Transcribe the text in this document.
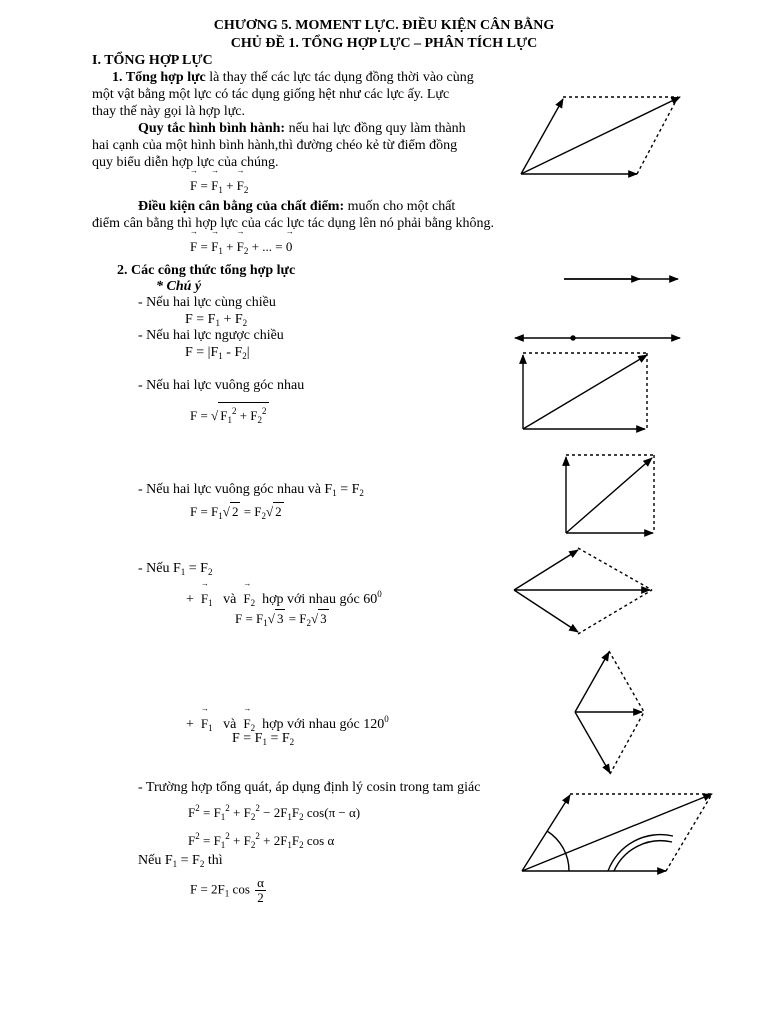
CHƯƠNG 5. MOMENT LỰC. ĐIỀU KIỆN CÂN BẰNG
CHỦ ĐỀ 1. TỔNG HỢP LỰC – PHÂN TÍCH LỰC
I. TỔNG HỢP LỰC
1. Tổng hợp lực là thay thế các lực tác dụng đồng thời vào cùng
một vật bằng một lực có tác dụng giống hệt như các lực ấy. Lực
thay thế này gọi là hợp lực.
Quy tắc hình bình hành: nếu hai lực đồng quy làm thành
hai cạnh của một hình bình hành,thì đường chéo kẻ từ điểm đồng
quy biểu diễn hợp lực của chúng.
→ F = → $F_1$ + → $F_2$
Điều kiện cân bằng của chất điểm: muốn cho một chất
điểm cân bằng thì hợp lực của các lực tác dụng lên nó phải bằng không.
→ F = → $F_1$ + → $F_2$ + ... = → 0
2. Các công thức tổng hợp lực
* Chú ý
- Nếu hai lực cùng chiều
$F = F_1 + F_2$
- Nếu hai lực ngược chiều
$F = |F_1 - F_2|$
- Nếu hai lực vuông góc nhau
F = √ $F_1^2 + F_2^2$
- Nếu hai lực vuông góc nhau và $F_1 = F_2$
$F = F_1√$ $2 = F_2√$ 2
- Nếu $F_1 = F_2$
+  → $F_1$ và → $F_2$ hợp với nhau góc $60^0$
$F = F_1√$ $3 = F_2√$ 3
+  → $F_1$ và → $F_2$ hợp với nhau góc $120^0$
$F = F_1 = F_2$
- Trường hợp tổng quát, áp dụng định lý cosin trong tam giác
$F^2 = F_1^2 + F_2^2 - 2F_1F_2$ cos(π − α)
$F^2 = F_1^2 + F_2^2 + 2F_1F_2$ cos α
Nếu $F_1 = F_2$ thì
$F = 2F_1$ $\cos \frac{\alpha}{2}$
